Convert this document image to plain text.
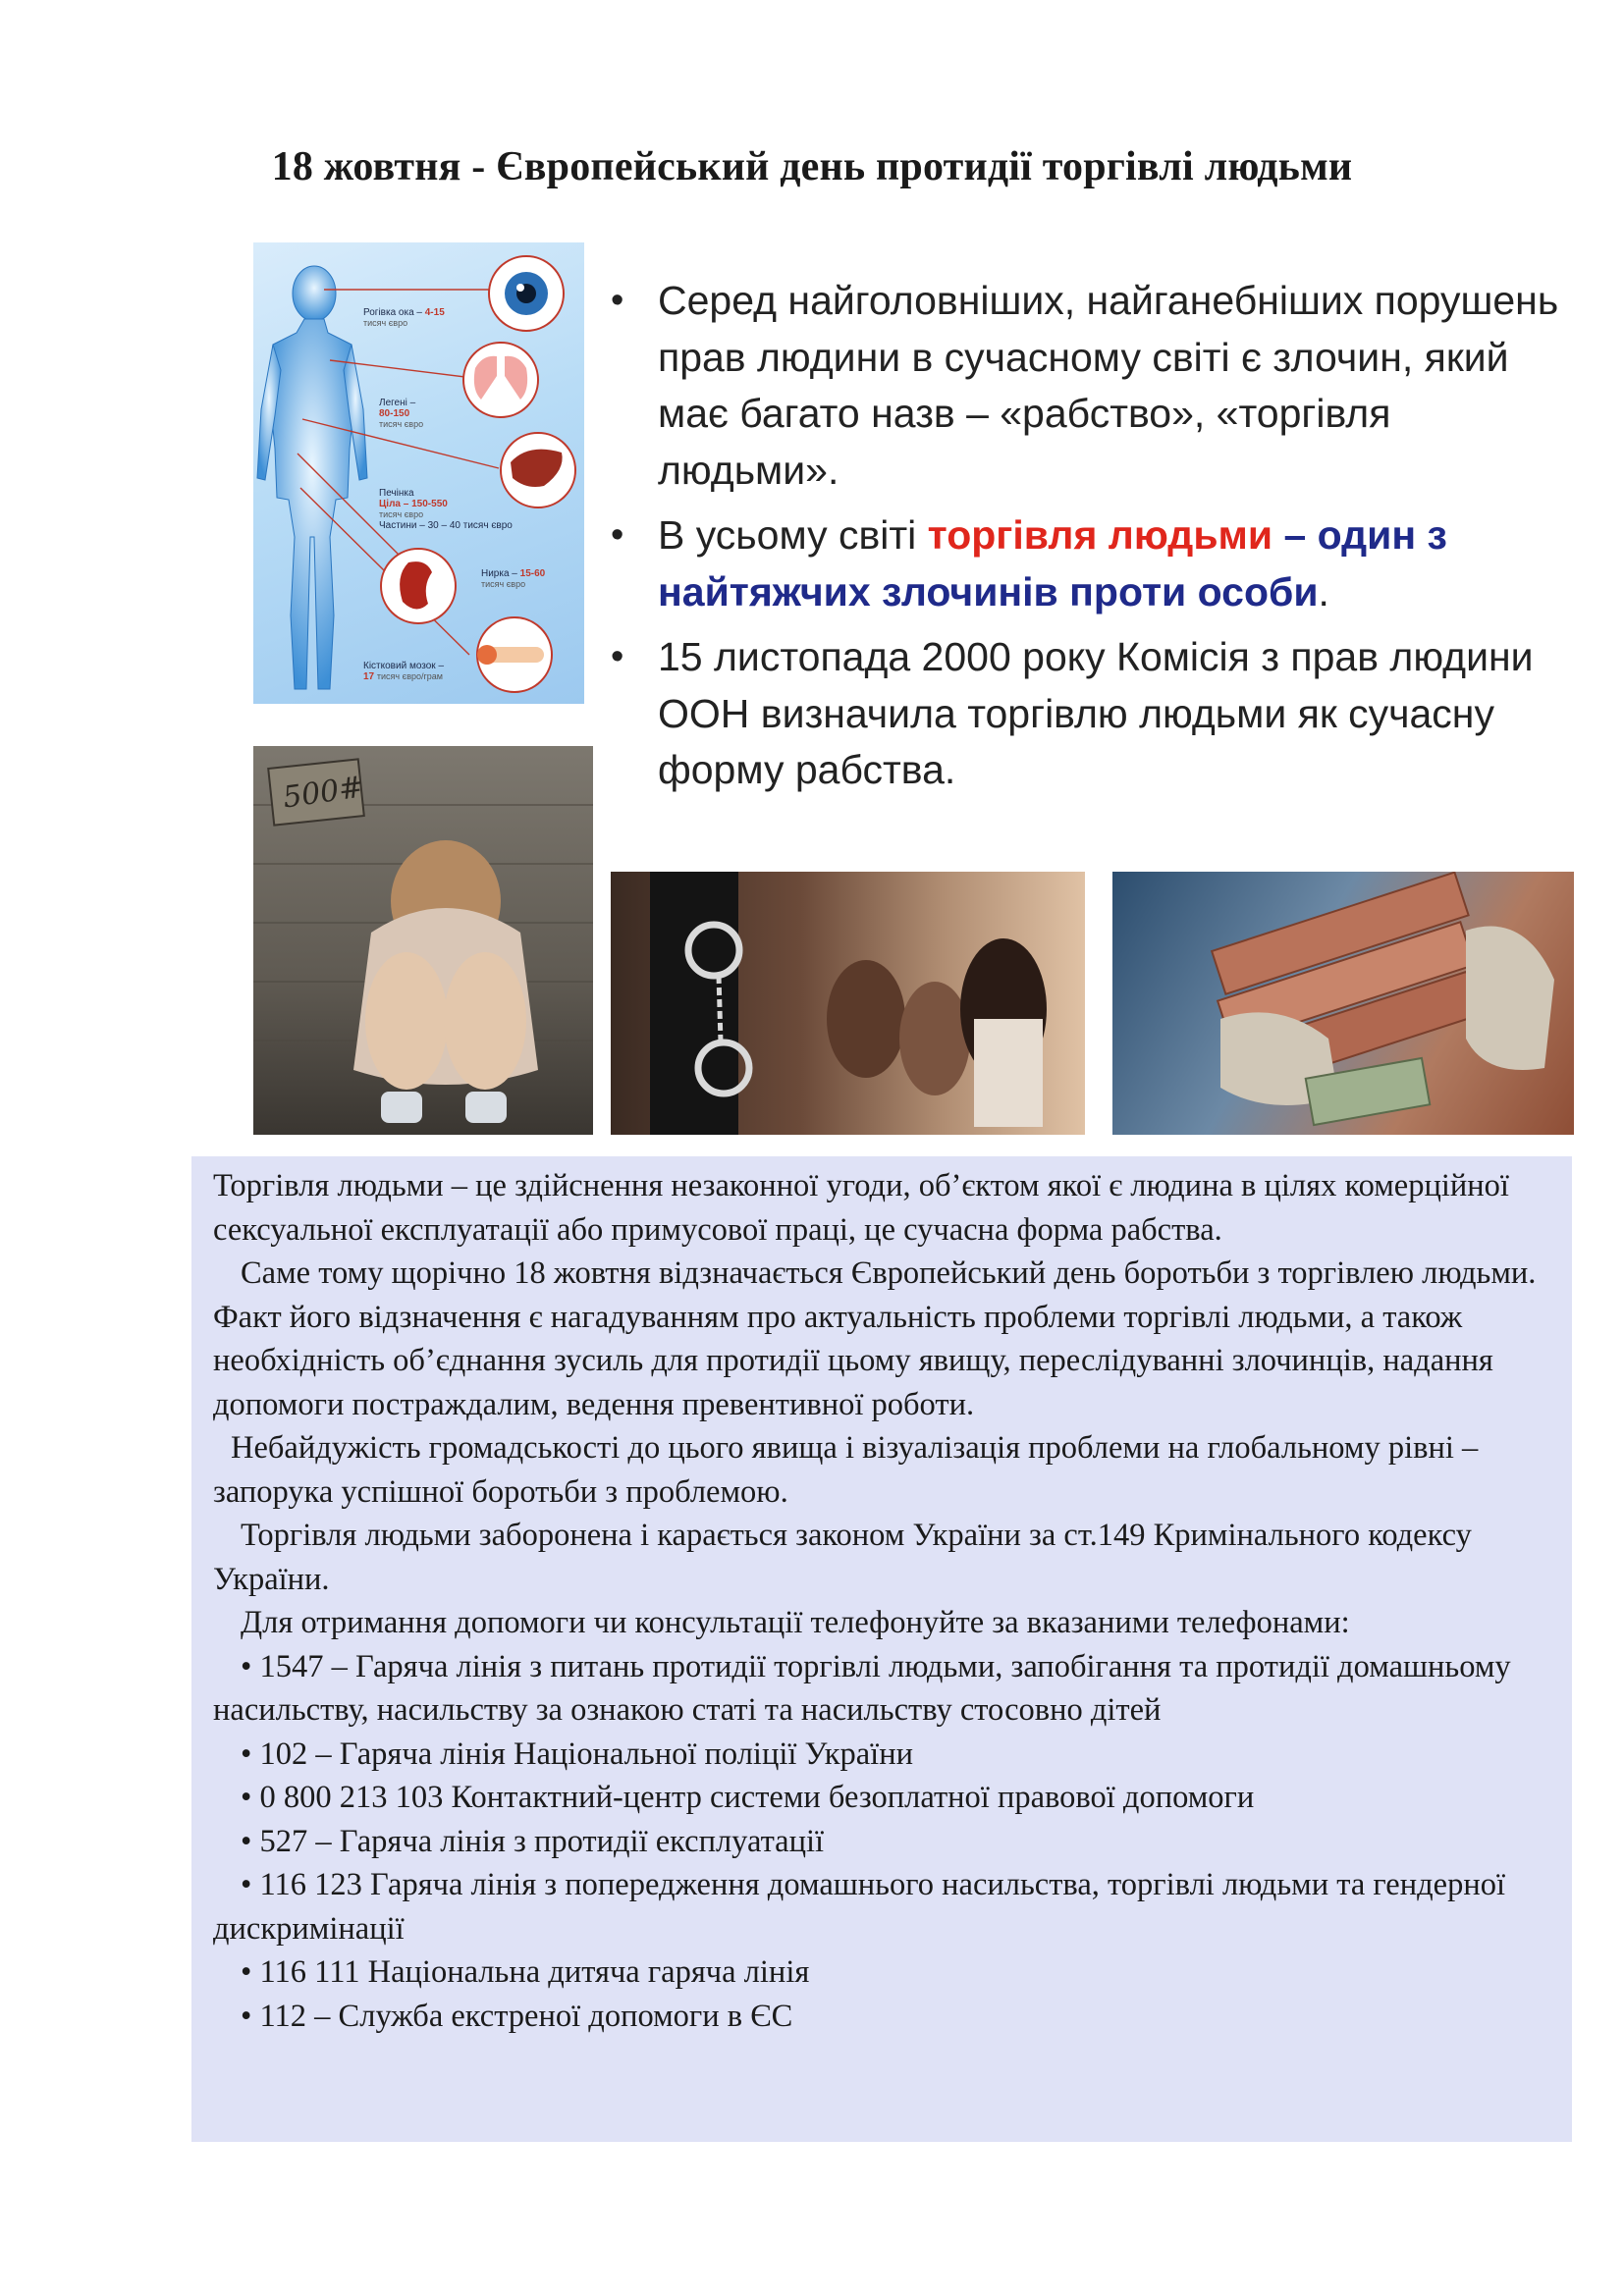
18 жовтня - Європейський день протидії торгівлі людьми
Рогівка ока – 4-15
тисяч євро
Легені –
80-150
тисяч євро
Печінка
Ціла – 150-550
тисяч євро
Частини – 30 – 40 тисяч євро
Нирка – 15-60
тисяч євро
Кістковий мозок –
17 тисяч євро/грам
• Серед найголовніших, найганебніших порушень прав людини в сучасному світі є злочин, який має багато назв – «рабство», «торгівля людьми».
• В усьому світі торгівля людьми – один з найтяжчих злочинів проти особи.
• 15 листопада 2000 року Комісія з прав людини ООН визначила торгівлю людьми як сучасну форму рабства.
500#

Торгівля людьми – це здійснення незаконної угоди, об’єктом якої є людина в цілях комерційної сексуальної експлуатації або примусової праці, це сучасна форма рабства.

Саме тому щорічно 18 жовтня відзначається Європейський день боротьби з торгівлею людьми. Факт його відзначення є нагадуванням про актуальність проблеми торгівлі людьми, а також необхідність об’єднання зусиль для протидії цьому явищу, переслідуванні злочинців, надання допомоги постраждалим, ведення превентивної роботи.

Небайдужість громадськості до цього явища і візуалізація проблеми на глобальному рівні – запорука успішної боротьби з проблемою.

Торгівля людьми заборонена і карається законом України за ст.149 Кримінального кодексу України.

Для отримання допомоги чи консультації телефонуйте за вказаними телефонами:

• 1547 – Гаряча лінія з питань протидії торгівлі людьми, запобігання та протидії домашньому насильству, насильству за ознакою статі та насильству стосовно дітей

• 102 – Гаряча лінія Національної поліції України

• 0 800 213 103 Контактний-центр системи безоплатної правової допомоги

• 527 – Гаряча лінія з протидії експлуатації

• 116 123 Гаряча лінія з попередження домашнього насильства, торгівлі людьми та гендерної дискримінації

• 116 111 Національна дитяча гаряча лінія

• 112 – Служба екстреної допомоги в ЄС
